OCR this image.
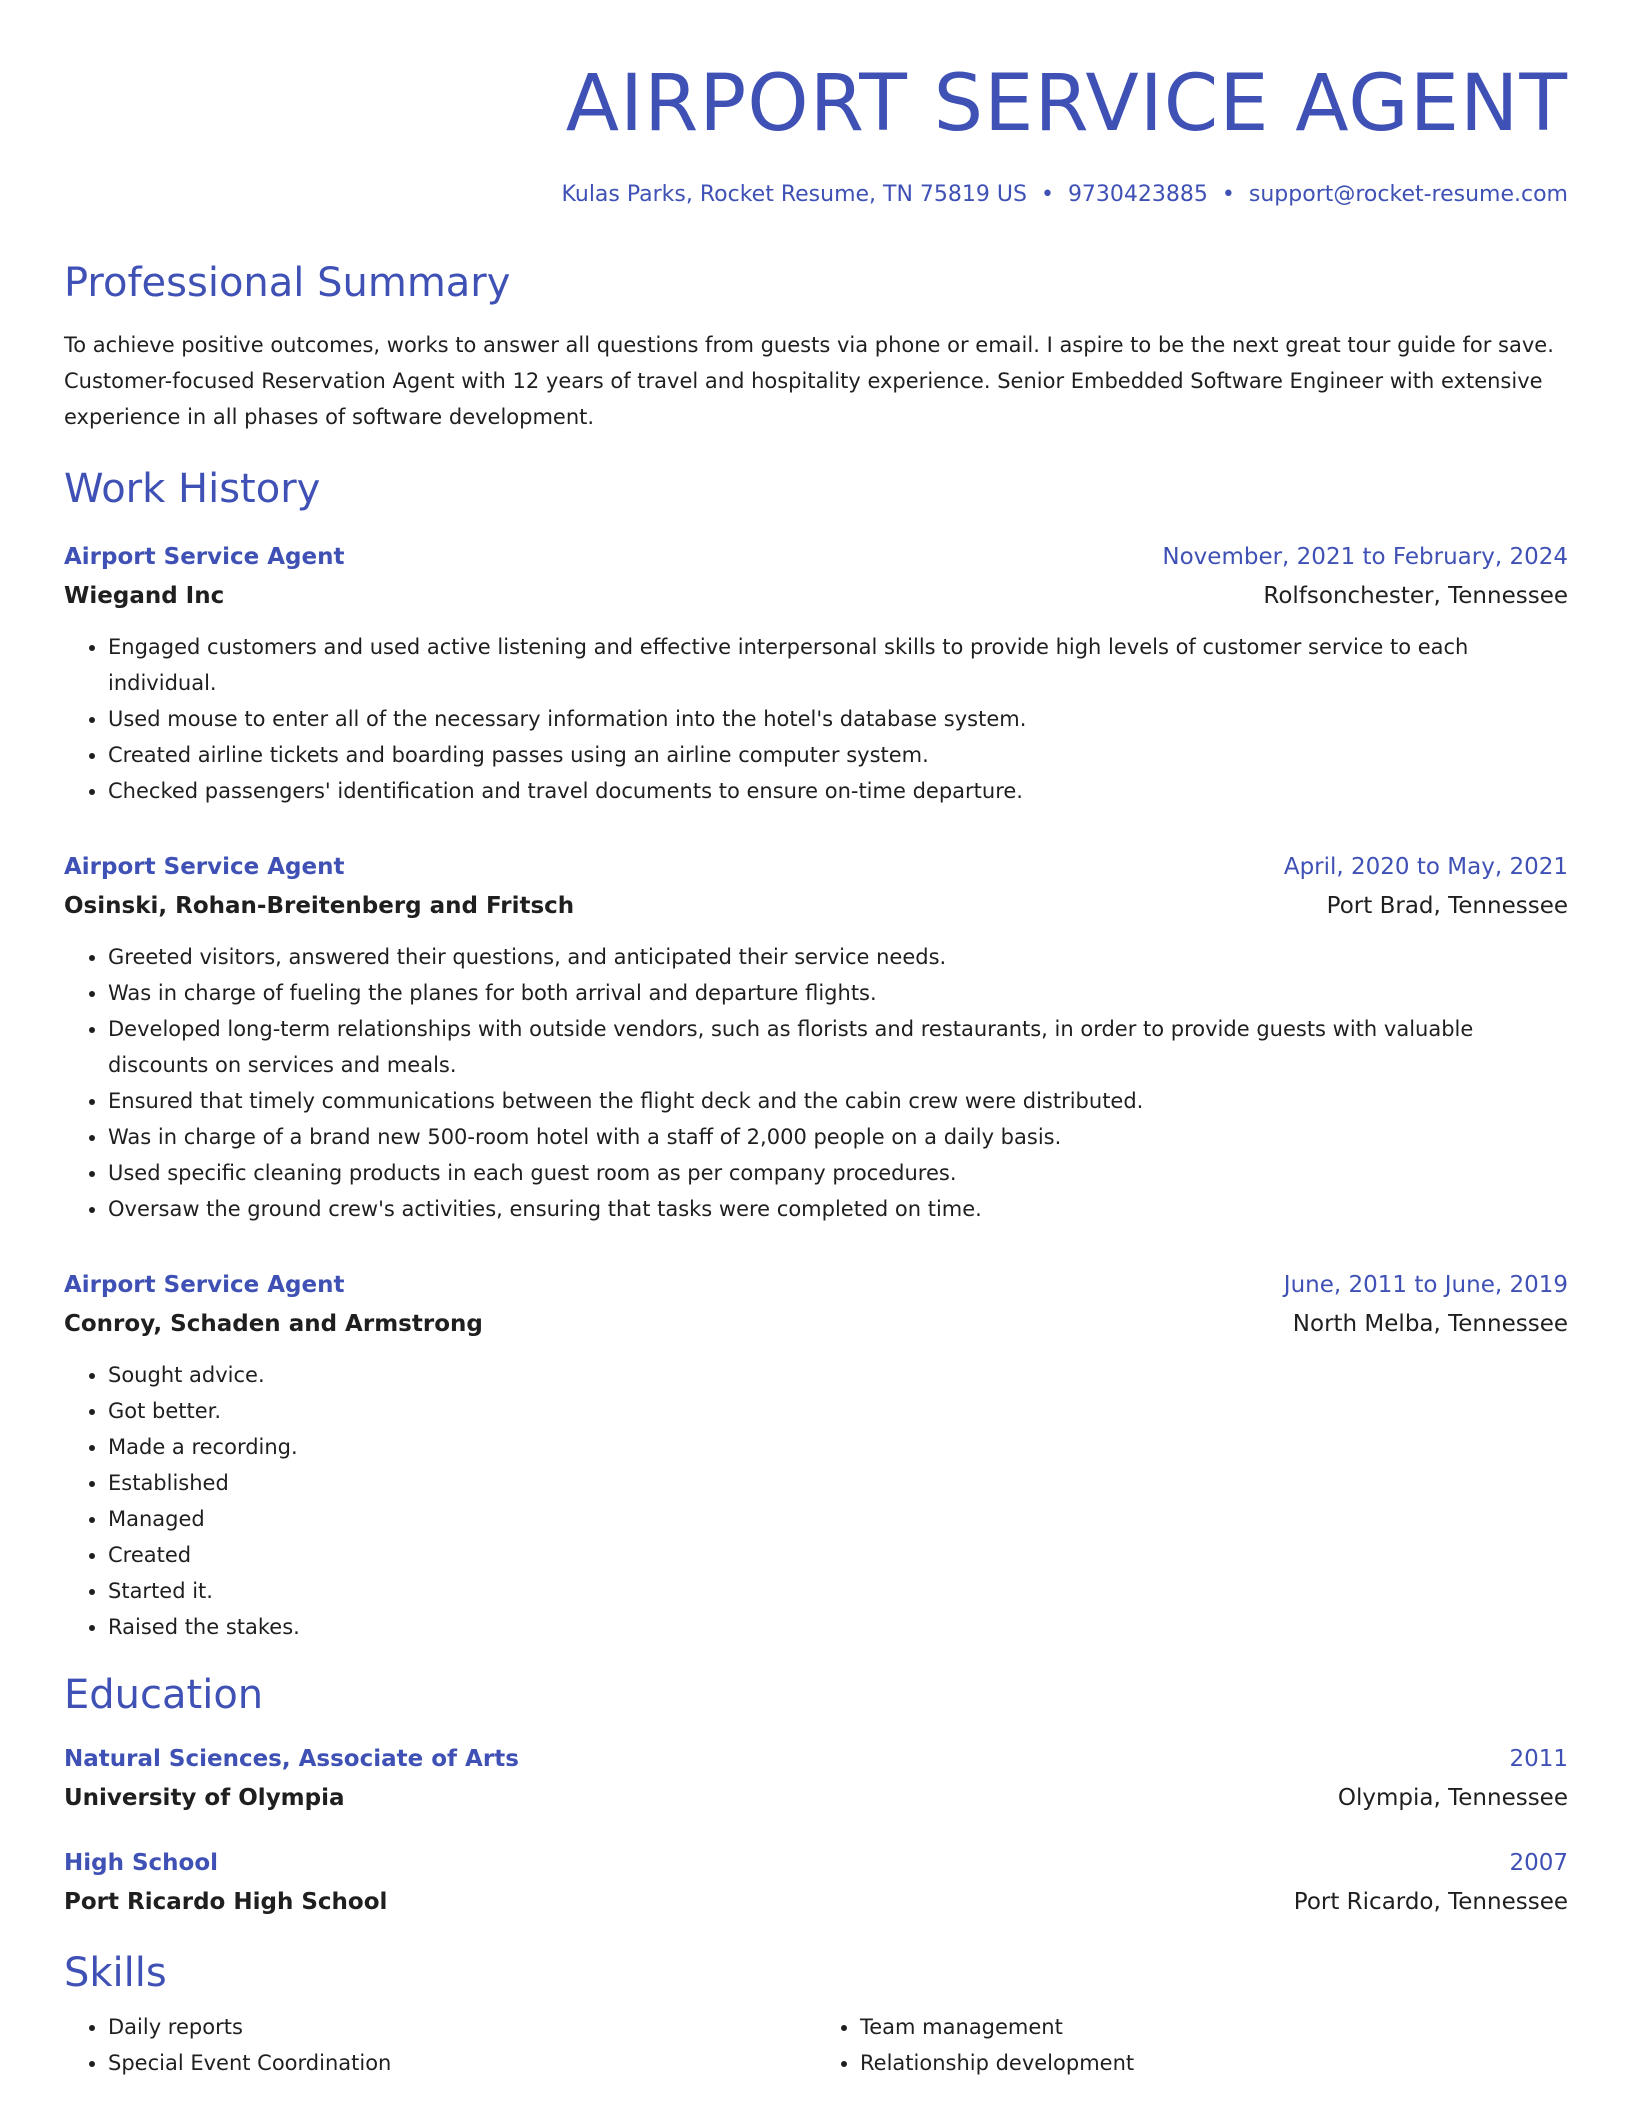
AIRPORT SERVICE AGENT
Kulas Parks, Rocket Resume, TN 75819 US • 9730423885 • support@rocket-resume.com
Professional Summary

To achieve positive outcomes, works to answer all questions from guests via phone or email. I aspire to be the next great tour guide for save. Customer-focused Reservation Agent with 12 years of travel and hospitality experience. Senior Embedded Software Engineer with extensive experience in all phases of software development.

Work History
Airport Service Agent	November, 2021 to February, 2024
Wiegand Inc	Rolfsonchester, Tennessee
• Engaged customers and used active listening and effective interpersonal skills to provide high levels of customer service to each individual.
• Used mouse to enter all of the necessary information into the hotel's database system.
• Created airline tickets and boarding passes using an airline computer system.
• Checked passengers' identification and travel documents to ensure on-time departure.
Airport Service Agent	April, 2020 to May, 2021
Osinski, Rohan-Breitenberg and Fritsch	Port Brad, Tennessee
• Greeted visitors, answered their questions, and anticipated their service needs.
• Was in charge of fueling the planes for both arrival and departure flights.
• Developed long-term relationships with outside vendors, such as florists and restaurants, in order to provide guests with valuable discounts on services and meals.
• Ensured that timely communications between the flight deck and the cabin crew were distributed.
• Was in charge of a brand new 500-room hotel with a staff of 2,000 people on a daily basis.
• Used specific cleaning products in each guest room as per company procedures.
• Oversaw the ground crew's activities, ensuring that tasks were completed on time.
Airport Service Agent	June, 2011 to June, 2019
Conroy, Schaden and Armstrong	North Melba, Tennessee
• Sought advice.
• Got better.
• Made a recording.
• Established
• Managed
• Created
• Started it.
• Raised the stakes.
Education
Natural Sciences, Associate of Arts	2011
University of Olympia	Olympia, Tennessee
High School	2007
Port Ricardo High School	Port Ricardo, Tennessee
Skills
• Daily reports
• Special Event Coordination
• Team management
• Relationship development
